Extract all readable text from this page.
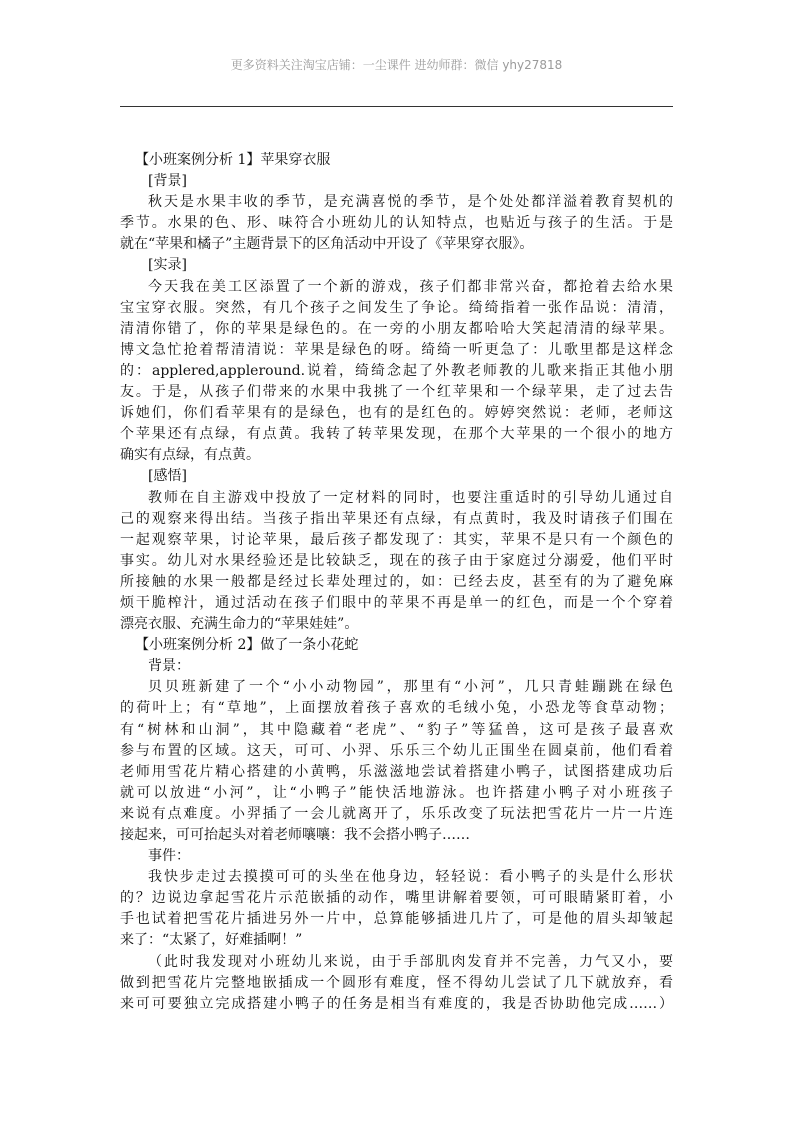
更多资料关注淘宝店铺：一尘课件 进幼师群：微信 yhy27818
【小班案例分析 1】苹果穿衣服
[背景]
秋天是水果丰收的季节，是充满喜悦的季节，是个处处都洋溢着教育契机的
季节。水果的色、形、味符合小班幼儿的认知特点，也贴近与孩子的生活。于是
就在“苹果和橘子”主题背景下的区角活动中开设了《苹果穿衣服》。
[实录]
今天我在美工区添置了一个新的游戏，孩子们都非常兴奋，都抢着去给水果
宝宝穿衣服。突然，有几个孩子之间发生了争论。绮绮指着一张作品说：清清，
清清你错了，你的苹果是绿色的。在一旁的小朋友都哈哈大笑起清清的绿苹果。
博文急忙抢着帮清清说：苹果是绿色的呀。绮绮一听更急了：儿歌里都是这样念
的：applered,appleround.说着，绮绮念起了外教老师教的儿歌来指正其他小朋
友。于是，从孩子们带来的水果中我挑了一个红苹果和一个绿苹果，走了过去告
诉她们，你们看苹果有的是绿色，也有的是红色的。婷婷突然说：老师，老师这
个苹果还有点绿，有点黄。我转了转苹果发现，在那个大苹果的一个很小的地方
确实有点绿，有点黄。
[感悟]
教师在自主游戏中投放了一定材料的同时，也要注重适时的引导幼儿通过自
己的观察来得出结。当孩子指出苹果还有点绿，有点黄时，我及时请孩子们围在
一起观察苹果，讨论苹果，最后孩子都发现了：其实，苹果不是只有一个颜色的
事实。幼儿对水果经验还是比较缺乏，现在的孩子由于家庭过分溺爱，他们平时
所接触的水果一般都是经过长辈处理过的，如：已经去皮，甚至有的为了避免麻
烦干脆榨汁，通过活动在孩子们眼中的苹果不再是单一的红色，而是一个个穿着
漂亮衣服、充满生命力的“苹果娃娃”。
【小班案例分析 2】做了一条小花蛇
背景：
贝贝班新建了一个“小小动物园”，那里有“小河”，几只青蛙蹦跳在绿色
的荷叶上；有“草地”，上面摆放着孩子喜欢的毛绒小兔，小恐龙等食草动物；
有“树林和山洞”，其中隐藏着“老虎”、“豹子”等猛兽，这可是孩子最喜欢
参与布置的区域。这天，可可、小羿、乐乐三个幼儿正围坐在圆桌前，他们看着
老师用雪花片精心搭建的小黄鸭，乐滋滋地尝试着搭建小鸭子，试图搭建成功后
就可以放进“小河”，让“小鸭子”能快活地游泳。也许搭建小鸭子对小班孩子
来说有点难度。小羿插了一会儿就离开了，乐乐改变了玩法把雪花片一片一片连
接起来，可可抬起头对着老师嚷嚷：我不会搭小鸭子……
事件：
我快步走过去摸摸可可的头坐在他身边，轻轻说：看小鸭子的头是什么形状
的？边说边拿起雪花片示范嵌插的动作，嘴里讲解着要领，可可眼睛紧盯着，小
手也试着把雪花片插进另外一片中，总算能够插进几片了，可是他的眉头却皱起
来了：“太紧了，好难插啊！”
（此时我发现对小班幼儿来说，由于手部肌肉发育并不完善，力气又小，要
做到把雪花片完整地嵌插成一个圆形有难度，怪不得幼儿尝试了几下就放弃，看
来可可要独立完成搭建小鸭子的任务是相当有难度的，我是否协助他完成……）
